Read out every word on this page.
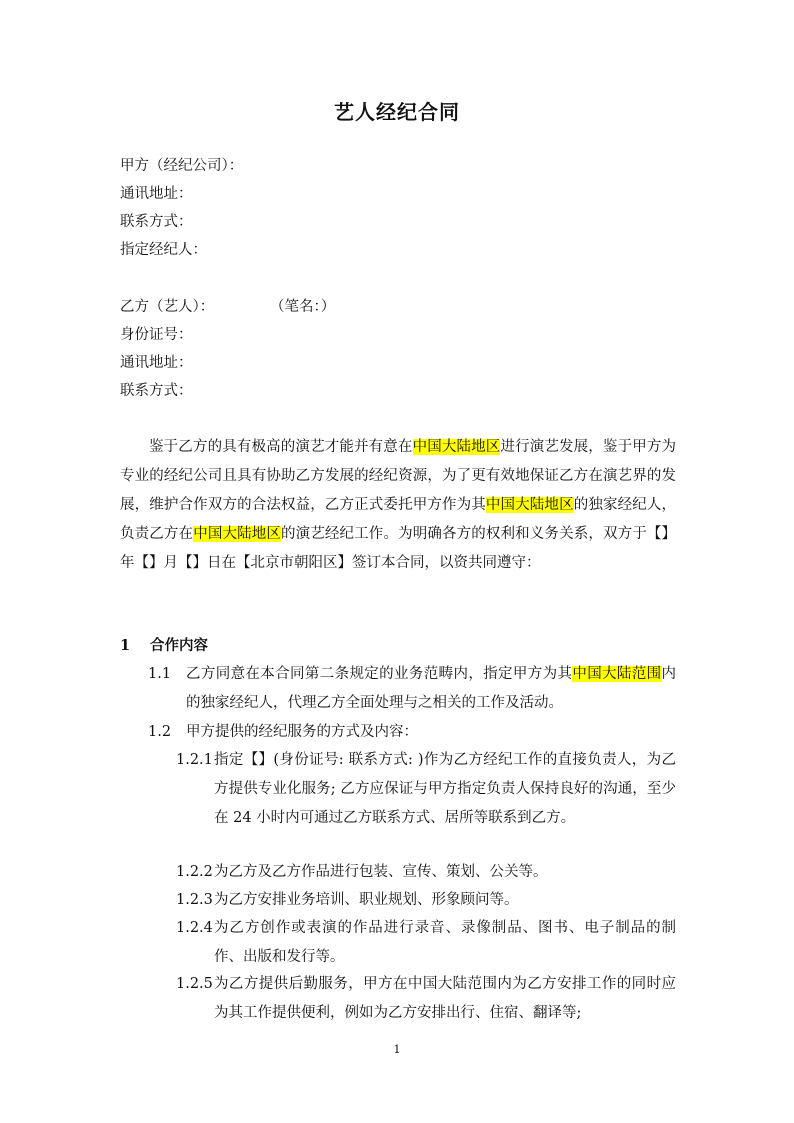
艺人经纪合同
甲方（经纪公司）：
通讯地址：
联系方式：
指定经纪人：
乙方（艺人）：	（笔名：）
身份证号：
通讯地址：
联系方式：
鉴于乙方的具有极高的演艺才能并有意在中国大陆地区进行演艺发展，鉴于甲方为专业的经纪公司且具有协助乙方发展的经纪资源，为了更有效地保证乙方在演艺界的发展，维护合作双方的合法权益，乙方正式委托甲方作为其中国大陆地区的独家经纪人，负责乙方在中国大陆地区的演艺经纪工作。为明确各方的权利和义务关系，双方于【】年【】月【】日在【北京市朝阳区】签订本合同，以资共同遵守：
1 合作内容
1.1 乙方同意在本合同第二条规定的业务范畴内，指定甲方为其中国大陆范围内的独家经纪人，代理乙方全面处理与之相关的工作及活动。
1.2 甲方提供的经纪服务的方式及内容：
1.2.1 指定【】(身份证号: 联系方式: )作为乙方经纪工作的直接负责人，为乙方提供专业化服务; 乙方应保证与甲方指定负责人保持良好的沟通，至少在 24 小时内可通过乙方联系方式、居所等联系到乙方。
1.2.2 为乙方及乙方作品进行包装、宣传、策划、公关等。
1.2.3 为乙方安排业务培训、职业规划、形象顾问等。
1.2.4 为乙方创作或表演的作品进行录音、录像制品、图书、电子制品的制作、出版和发行等。
1.2.5 为乙方提供后勤服务，甲方在中国大陆范围内为乙方安排工作的同时应为其工作提供便利，例如为乙方安排出行、住宿、翻译等;
1
